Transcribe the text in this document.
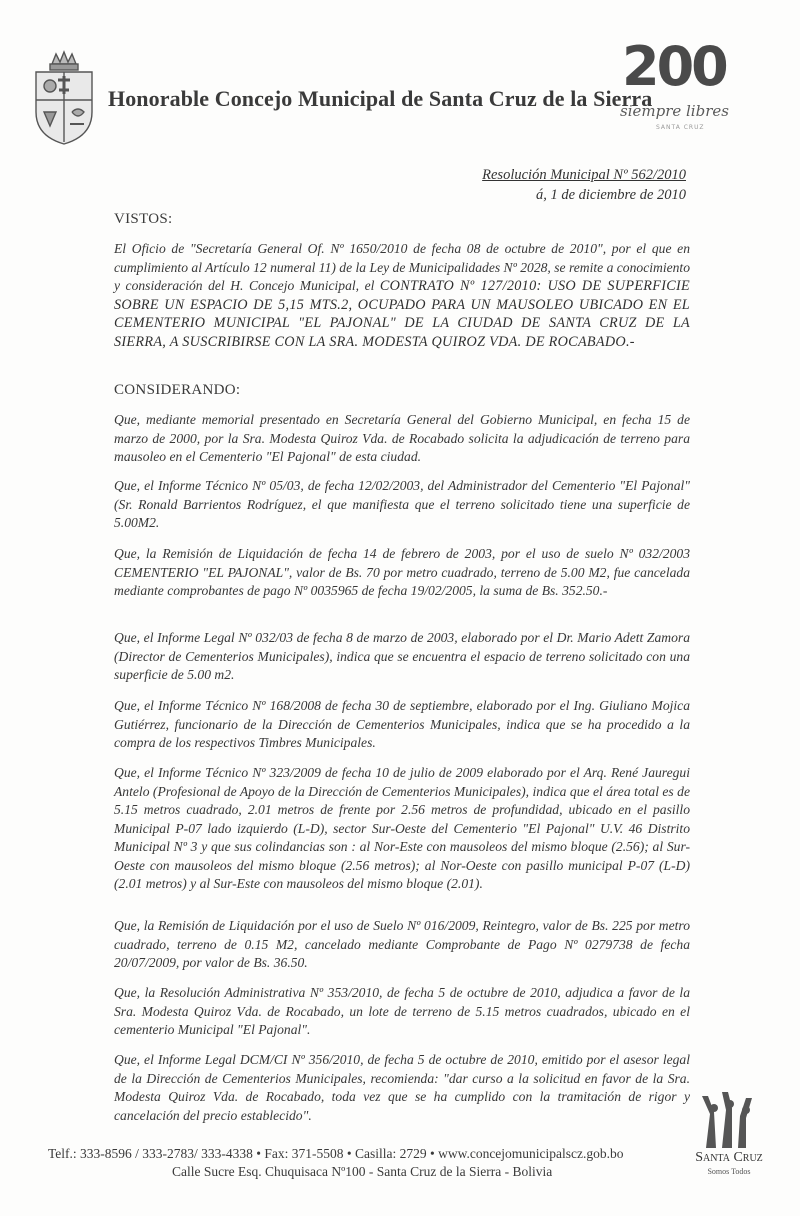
Honorable Concejo Municipal de Santa Cruz de la Sierra
200
siempre libres
SANTA CRUZ
Resolución Municipal Nº 562/2010
á, 1 de diciembre de 2010
VISTOS:
El Oficio de "Secretaría General Of. Nº 1650/2010 de fecha 08 de octubre de 2010", por el que en cumplimiento al Artículo 12 numeral 11) de la Ley de Municipalidades Nº 2028, se remite a conocimiento y consideración del H. Concejo Municipal, el CONTRATO Nº 127/2010: USO DE SUPERFICIE SOBRE UN ESPACIO DE 5,15 MTS.2, OCUPADO PARA UN MAUSOLEO UBICADO EN EL CEMENTERIO MUNICIPAL "EL PAJONAL" DE LA CIUDAD DE SANTA CRUZ DE LA SIERRA, A SUSCRIBIRSE CON LA SRA. MODESTA QUIROZ VDA. DE ROCABADO.-
CONSIDERANDO:
Que, mediante memorial presentado en Secretaría General del Gobierno Municipal, en fecha 15 de marzo de 2000, por la Sra. Modesta Quiroz Vda. de Rocabado solicita la adjudicación de terreno para mausoleo en el Cementerio "El Pajonal" de esta ciudad.
Que, el Informe Técnico Nº 05/03, de fecha 12/02/2003, del Administrador del Cementerio "El Pajonal" (Sr. Ronald Barrientos Rodríguez, el que manifiesta que el terreno solicitado tiene una superficie de 5.00M2.
Que, la Remisión de Liquidación de fecha 14 de febrero de 2003, por el uso de suelo Nº 032/2003 CEMENTERIO "EL PAJONAL", valor de Bs. 70 por metro cuadrado, terreno de 5.00 M2, fue cancelada mediante comprobantes de pago Nº 0035965 de fecha 19/02/2005, la suma de Bs. 352.50.-
Que, el Informe Legal Nº 032/03 de fecha 8 de marzo de 2003, elaborado por el Dr. Mario Adett Zamora (Director de Cementerios Municipales), indica que se encuentra el espacio de terreno solicitado con una superficie de 5.00 m2.
Que, el Informe Técnico Nº 168/2008 de fecha 30 de septiembre, elaborado por el Ing. Giuliano Mojica Gutiérrez, funcionario de la Dirección de Cementerios Municipales, indica que se ha procedido a la compra de los respectivos Timbres Municipales.
Que, el Informe Técnico Nº 323/2009 de fecha 10 de julio de 2009 elaborado por el Arq. René Jauregui Antelo (Profesional de Apoyo de la Dirección de Cementerios Municipales), indica que el área total es de 5.15 metros cuadrado, 2.01 metros de frente por 2.56 metros de profundidad, ubicado en el pasillo Municipal P-07 lado izquierdo (L-D), sector Sur-Oeste del Cementerio "El Pajonal" U.V. 46 Distrito Municipal Nº 3 y que sus colindancias son : al Nor-Este con mausoleos del mismo bloque (2.56); al Sur-Oeste con mausoleos del mismo bloque (2.56 metros); al Nor-Oeste con pasillo municipal P-07 (L-D) (2.01 metros) y al Sur-Este con mausoleos del mismo bloque (2.01).
Que, la Remisión de Liquidación por el uso de Suelo Nº 016/2009, Reintegro, valor de Bs. 225 por metro cuadrado, terreno de 0.15 M2, cancelado mediante Comprobante de Pago Nº 0279738 de fecha 20/07/2009, por valor de Bs. 36.50.
Que, la Resolución Administrativa Nº 353/2010, de fecha 5 de octubre de 2010, adjudica a favor de la Sra. Modesta Quiroz Vda. de Rocabado, un lote de terreno de 5.15 metros cuadrados, ubicado en el cementerio Municipal "El Pajonal".
Que, el Informe Legal DCM/CI Nº 356/2010, de fecha 5 de octubre de 2010, emitido por el asesor legal de la Dirección de Cementerios Municipales, recomienda: "dar curso a la solicitud en favor de la Sra. Modesta Quiroz Vda. de Rocabado, toda vez que se ha cumplido con la tramitación de rigor y cancelación del precio establecido".
Telf.: 333-8596 / 333-2783/ 333-4338 • Fax: 371-5508 • Casilla: 2729 • www.concejomunicipalscz.gob.bo
Calle Sucre Esq. Chuquisaca Nº100 - Santa Cruz de la Sierra - Bolivia
Santa Cruz
Somos Todos
